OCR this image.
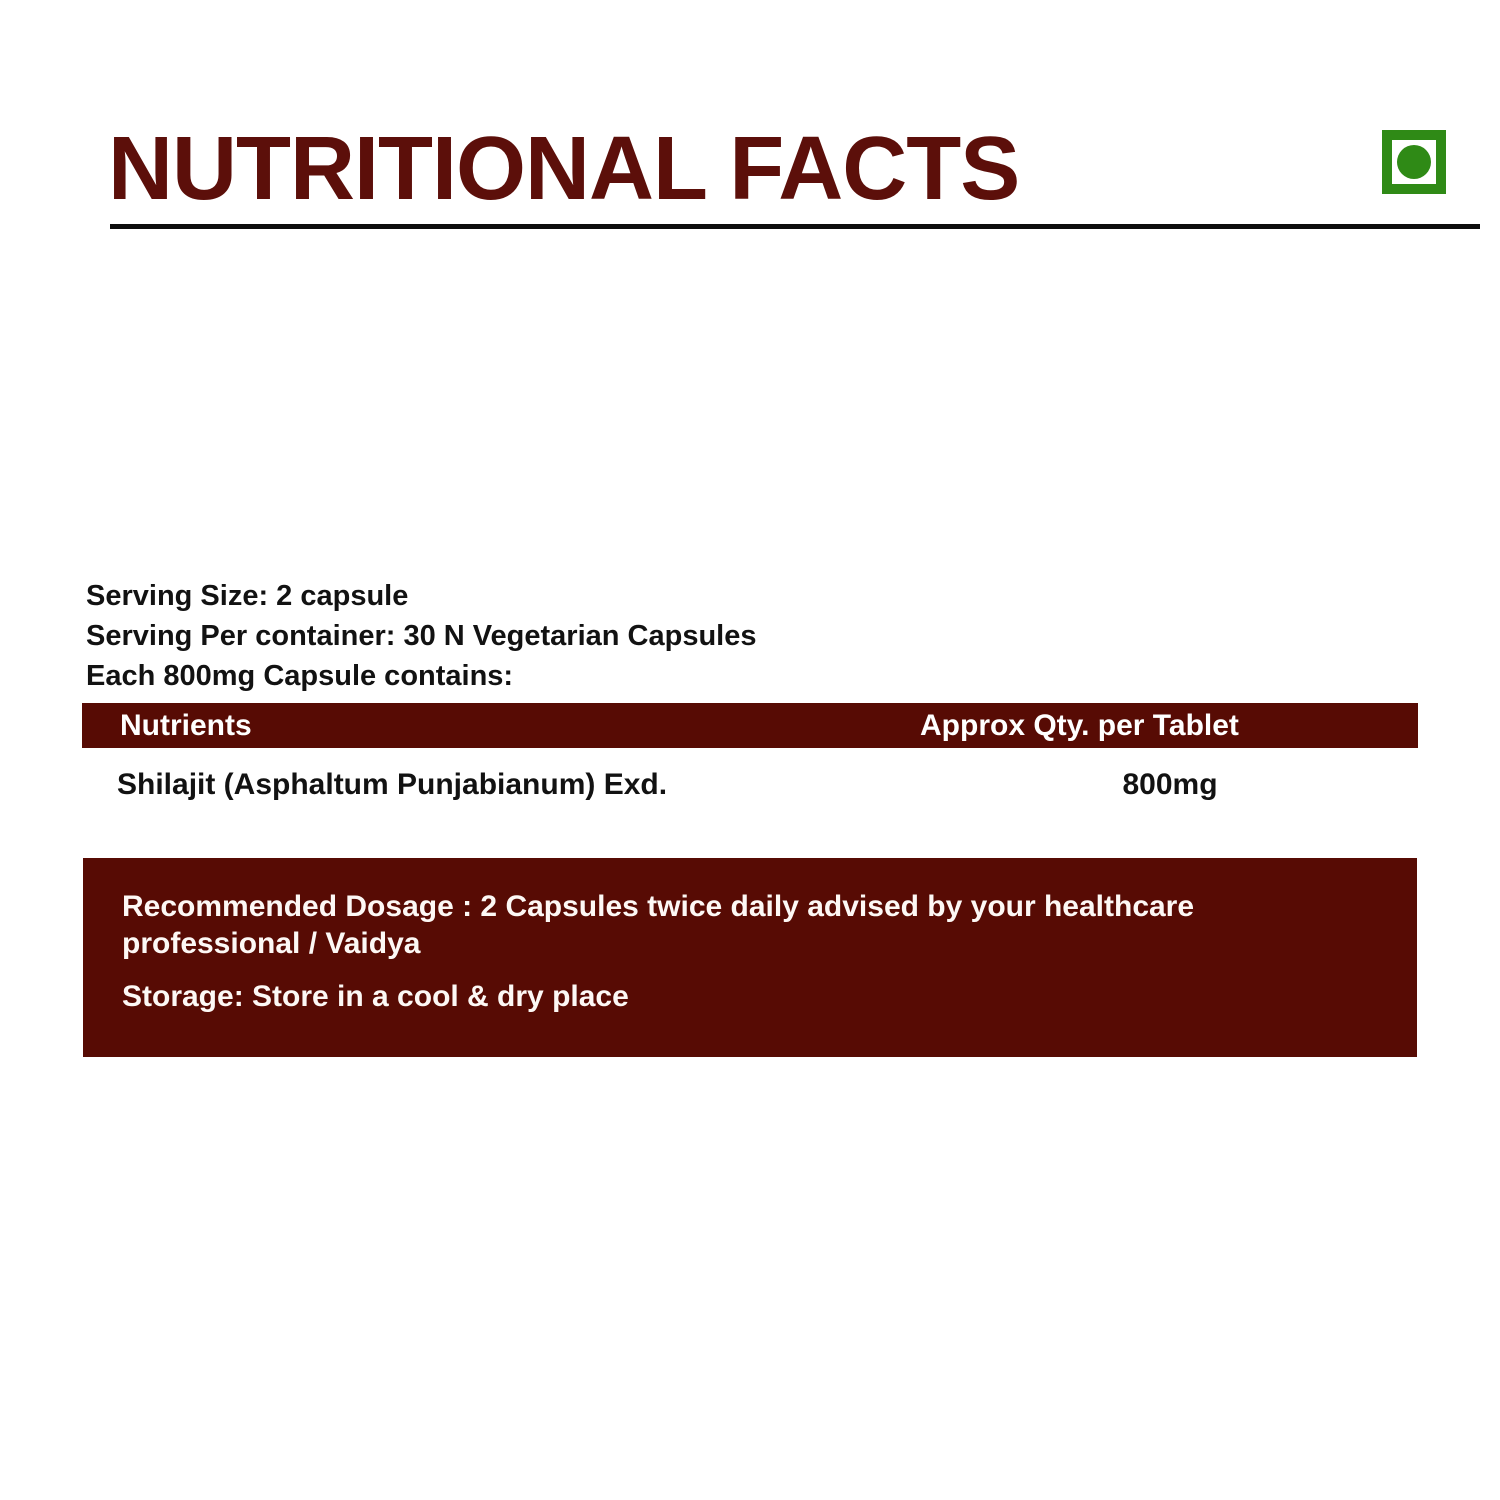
NUTRITIONAL FACTS
Serving Size: 2 capsule
Serving Per container: 30 N Vegetarian Capsules
Each 800mg Capsule contains:
Nutrients	Approx Qty. per Tablet
Shilajit (Asphaltum Punjabianum) Exd.	800mg

Recommended Dosage : 2 Capsules twice daily advised by your healthcare
professional / Vaidya

Storage: Store in a cool & dry place
